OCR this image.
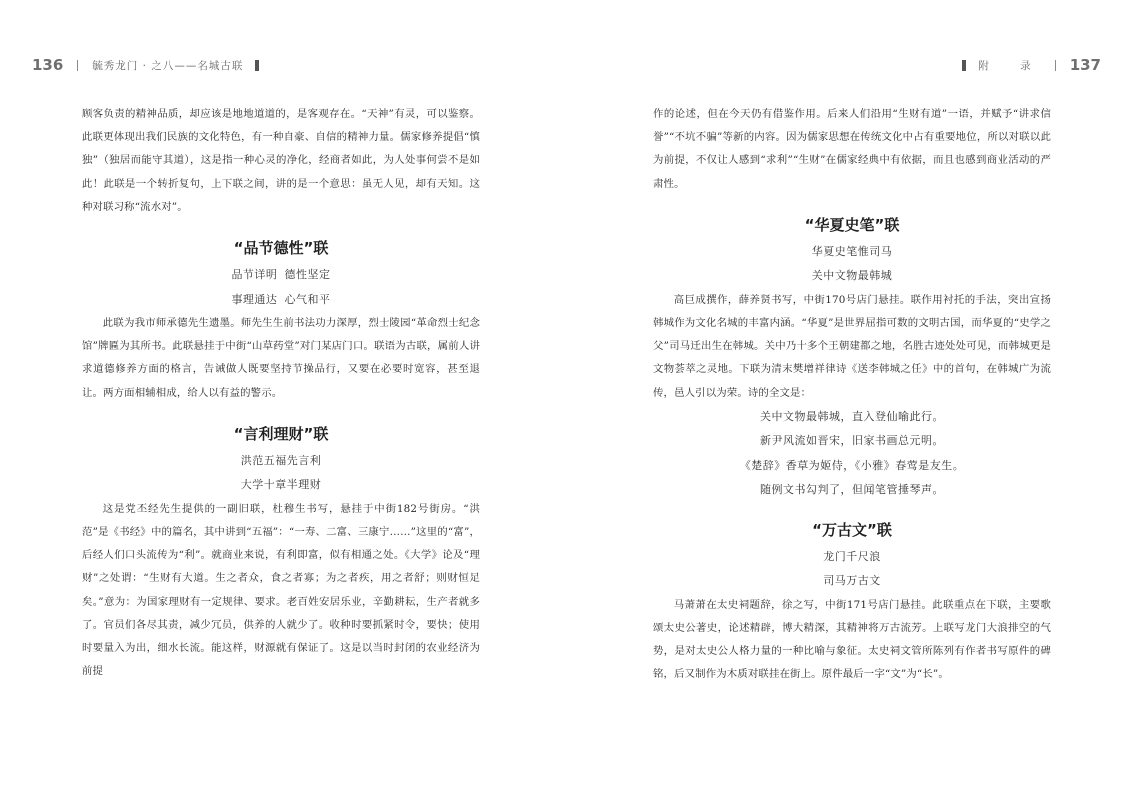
136	毓秀龙门 · 之八——名城古联	附 录 137

顾客负责的精神品质，却应该是地地道道的，是客观存在。“天神”有灵，可以鉴察。此联更体现出我们民族的文化特色，有一种自豪、自信的精神力量。儒家修养提倡“慎独”（独居而能守其道），这是指一种心灵的净化，经商者如此，为人处事何尝不是如此！此联是一个转折复句，上下联之间，讲的是一个意思：虽无人见，却有天知。这种对联习称“流水对”。

“品节德性”联

品节详明 德性坚定

事理通达 心气和平

此联为我市师承德先生遗墨。师先生生前书法功力深厚，烈士陵园“革命烈士纪念馆”牌匾为其所书。此联悬挂于中街“山草药堂”对门某店门口。联语为古联，属前人讲求道德修养方面的格言，告诫做人既要坚持节操品行，又要在必要时宽容，甚至退让。两方面相辅相成，给人以有益的警示。

“言利理财”联

洪范五福先言利

大学十章半理财

这是党丕经先生提供的一副旧联，杜穆生书写，悬挂于中街182号街房。“洪范”是《书经》中的篇名，其中讲到“五福”：“一寿、二富、三康宁……”这里的“富”，后经人们口头流传为“利”。就商业来说，有利即富，似有相通之处。《大学》论及“理财”之处谓：“生财有大道。生之者众，食之者寡；为之者疾，用之者舒；则财恒足矣。”意为：为国家理财有一定规律、要求。老百姓安居乐业，辛勤耕耘，生产者就多了。官员们各尽其责，减少冗员，供养的人就少了。收种时要抓紧时令，要快；使用时要量入为出，细水长流。能这样，财源就有保证了。这是以当时封闭的农业经济为前提

作的论述，但在今天仍有借鉴作用。后来人们沿用“生财有道”一语，并赋予“讲求信誉”“不坑不骗”等新的内容。因为儒家思想在传统文化中占有重要地位，所以对联以此为前提，不仅让人感到“求利”“生财”在儒家经典中有依据，而且也感到商业活动的严肃性。

“华夏史笔”联

华夏史笔惟司马

关中文物最韩城

高巨成撰作，薛养贤书写，中街170号店门悬挂。联作用衬托的手法，突出宣扬韩城作为文化名城的丰富内涵。“华夏”是世界屈指可数的文明古国，而华夏的“史学之父”司马迁出生在韩城。关中乃十多个王朝建都之地，名胜古迹处处可见，而韩城更是文物荟萃之灵地。下联为清末樊增祥律诗《送李韩城之任》中的首句，在韩城广为流传，邑人引以为荣。诗的全文是：

关中文物最韩城，直入登仙喻此行。

新尹风流如晋宋，旧家书画总元明。

《楚辞》香草为姬侍，《小雅》春莺是友生。

随例文书勾判了，但闻笔管捶琴声。

“万古文”联

龙门千尺浪

司马万古文

马萧萧在太史祠题辞，徐之写，中街171号店门悬挂。此联重点在下联，主要歌颂太史公著史，论述精辟，博大精深，其精神将万古流芳。上联写龙门大浪排空的气势，是对太史公人格力量的一种比喻与象征。太史祠文管所陈列有作者书写原件的碑铭，后又制作为木质对联挂在街上。原件最后一字“文”为“长”。
